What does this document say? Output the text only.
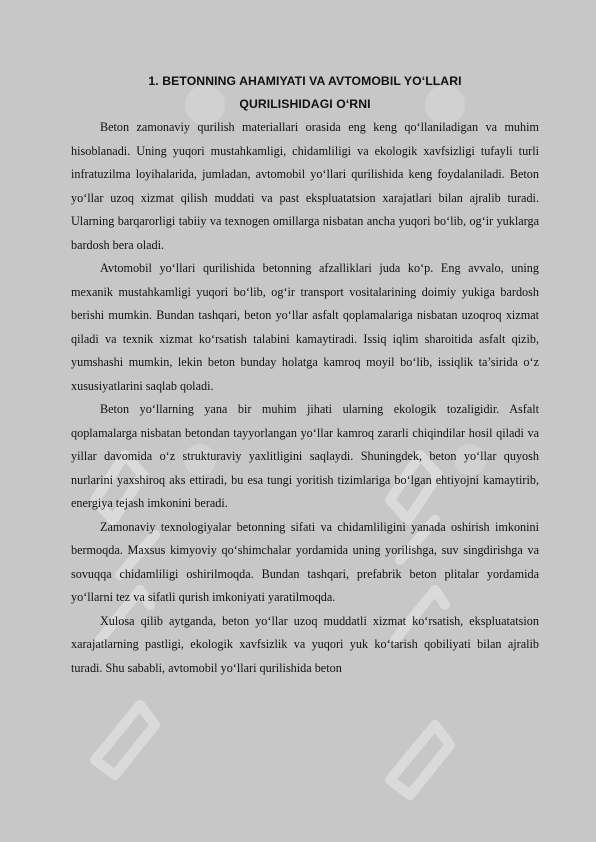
1. BETONNING AHAMIYATI VA AVTOMOBIL YO‘LLARI
QURILISHIDAGI O‘RNI

Beton zamonaviy qurilish materiallari orasida eng keng qo‘llaniladigan va muhim hisoblanadi. Uning yuqori mustahkamligi, chidamliligi va ekologik xavfsizligi tufayli turli infratuzilma loyihalarida, jumladan, avtomobil yo‘llari qurilishida keng foydalaniladi. Beton yo‘llar uzoq xizmat qilish muddati va past ekspluatatsion xarajatlari bilan ajralib turadi. Ularning barqarorligi tabiiy va texnogen omillarga nisbatan ancha yuqori bo‘lib, og‘ir yuklarga bardosh bera oladi.

Avtomobil yo‘llari qurilishida betonning afzalliklari juda ko‘p. Eng avvalo, uning mexanik mustahkamligi yuqori bo‘lib, og‘ir transport vositalarining doimiy yukiga bardosh berishi mumkin. Bundan tashqari, beton yo‘llar asfalt qoplamalariga nisbatan uzoqroq xizmat qiladi va texnik xizmat ko‘rsatish talabini kamaytiradi. Issiq iqlim sharoitida asfalt qizib, yumshashi mumkin, lekin beton bunday holatga kamroq moyil bo‘lib, issiqlik ta’sirida o‘z xususiyatlarini saqlab qoladi.

Beton yo‘llarning yana bir muhim jihati ularning ekologik tozaligidir. Asfalt qoplamalarga nisbatan betondan tayyorlangan yo‘llar kamroq zararli chiqindilar hosil qiladi va yillar davomida o‘z strukturaviy yaxlitligini saqlaydi. Shuningdek, beton yo‘llar quyosh nurlarini yaxshiroq aks ettiradi, bu esa tungi yoritish tizimlariga bo‘lgan ehtiyojni kamaytirib, energiya tejash imkonini beradi.

Zamonaviy texnologiyalar betonning sifati va chidamliligini yanada oshirish imkonini bermoqda. Maxsus kimyoviy qo‘shimchalar yordamida uning yorilishga, suv singdirishga va sovuqqa chidamliligi oshirilmoqda. Bundan tashqari, prefabrik beton plitalar yordamida yo‘llarni tez va sifatli qurish imkoniyati yaratilmoqda.

Xulosa qilib aytganda, beton yo‘llar uzoq muddatli xizmat ko‘rsatish, ekspluatatsion xarajatlarning pastligi, ekologik xavfsizlik va yuqori yuk ko‘tarish qobiliyati bilan ajralib turadi. Shu sababli, avtomobil yo‘llari qurilishida beton
